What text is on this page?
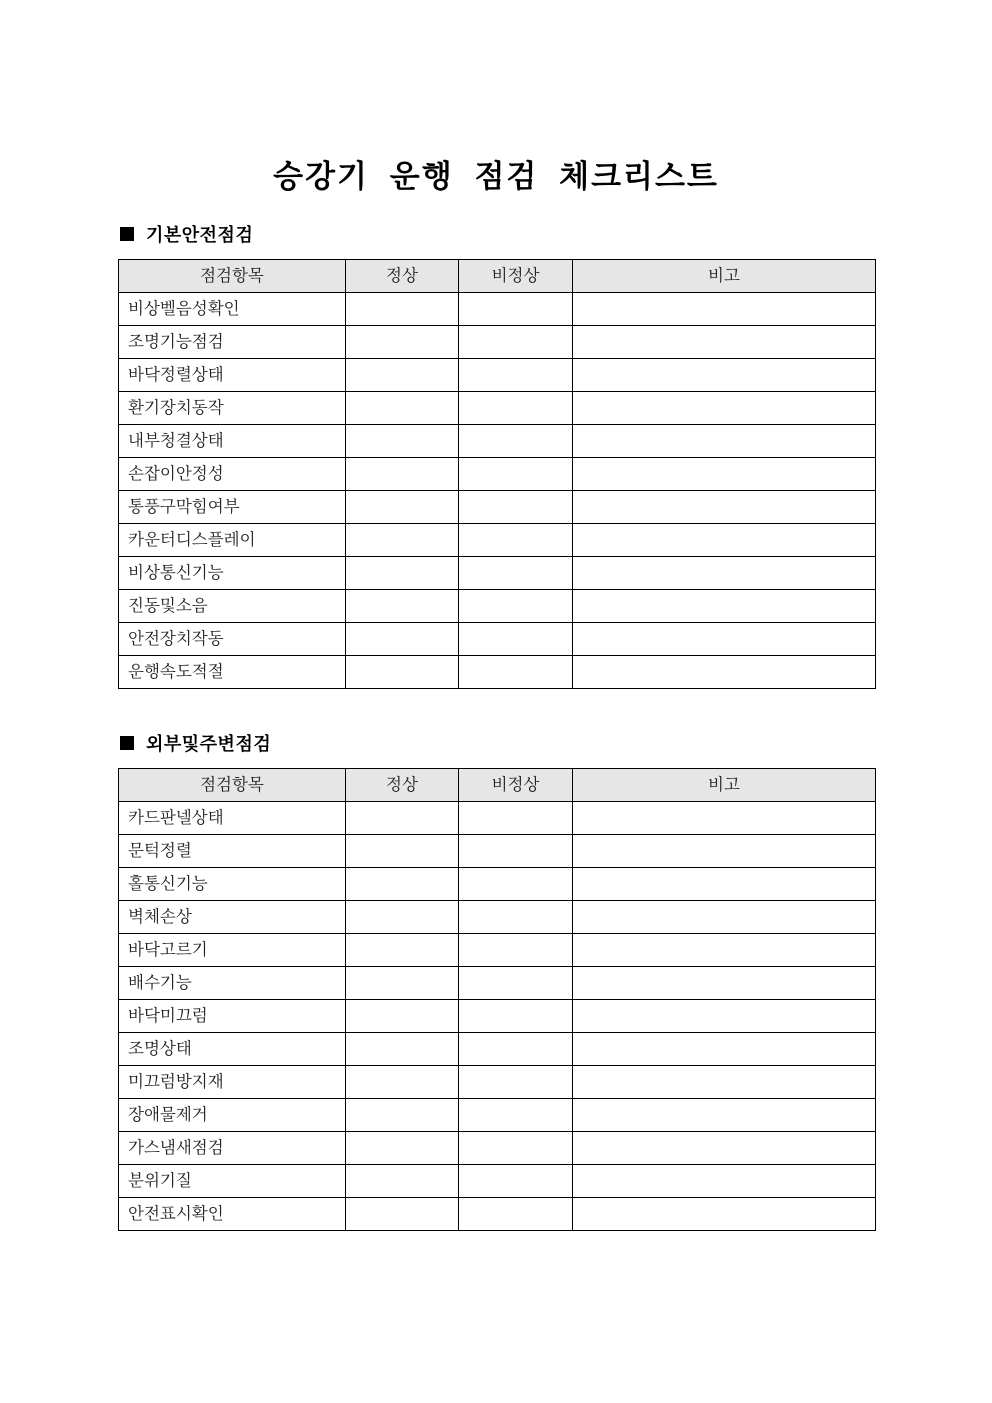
승강기 운행 점검 체크리스트
기본안전점검
점검항목	정상	비정상	비고
비상벨음성확인			
조명기능점검			
바닥정렬상태			
환기장치동작			
내부청결상태			
손잡이안정성			
통풍구막힘여부			
카운터디스플레이			
비상통신기능			
진동및소음			
안전장치작동			
운행속도적절			
외부및주변점검
점검항목	정상	비정상	비고
카드판넬상태			
문턱정렬			
홀통신기능			
벽체손상			
바닥고르기			
배수기능			
바닥미끄럼			
조명상태			
미끄럼방지재			
장애물제거			
가스냄새점검			
분위기질			
안전표시확인			
